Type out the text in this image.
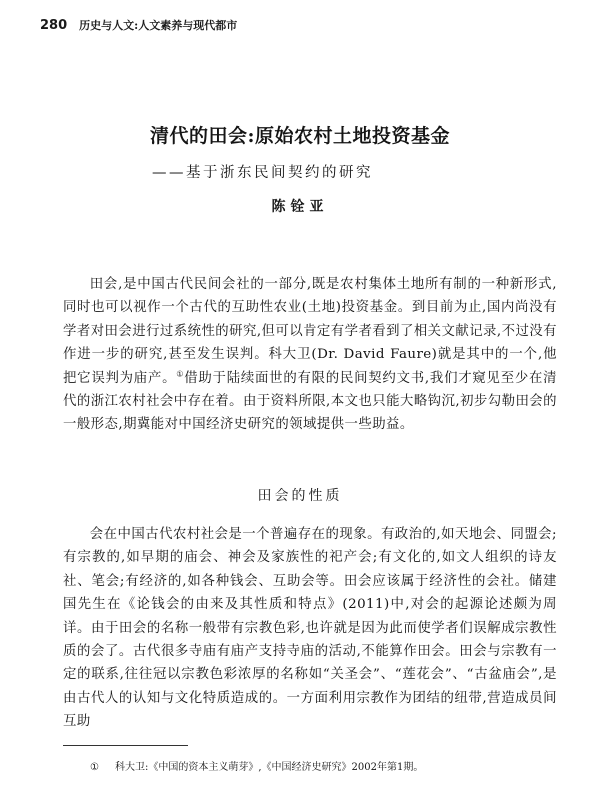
280 历史与人文:人文素养与现代都市
清代的田会:原始农村土地投资基金
——基于浙东民间契约的研究
陈铨亚

田会,是中国古代民间会社的一部分,既是农村集体土地所有制的一种新形式,同时也可以视作一个古代的互助性农业(土地)投资基金。到目前为止,国内尚没有学者对田会进行过系统性的研究,但可以肯定有学者看到了相关文献记录,不过没有作进一步的研究,甚至发生误判。科大卫(Dr. David Faure)就是其中的一个,他把它误判为庙产。①借助于陆续面世的有限的民间契约文书,我们才窥见至少在清代的浙江农村社会中存在着。由于资料所限,本文也只能大略钩沉,初步勾勒田会的一般形态,期冀能对中国经济史研究的领域提供一些助益。

田会的性质

会在中国古代农村社会是一个普遍存在的现象。有政治的,如天地会、同盟会;有宗教的,如早期的庙会、神会及家族性的祀产会;有文化的,如文人组织的诗友社、笔会;有经济的,如各种钱会、互助会等。田会应该属于经济性的会社。储建国先生在《论钱会的由来及其性质和特点》(2011)中,对会的起源论述颇为周详。由于田会的名称一般带有宗教色彩,也许就是因为此而使学者们误解成宗教性质的会了。古代很多寺庙有庙产支持寺庙的活动,不能算作田会。田会与宗教有一定的联系,往往冠以宗教色彩浓厚的名称如“关圣会”、“莲花会”、“古盆庙会”,是由古代人的认知与文化特质造成的。一方面利用宗教作为团结的纽带,营造成员间互助

① 科大卫:《中国的资本主义萌芽》,《中国经济史研究》2002年第1期。
